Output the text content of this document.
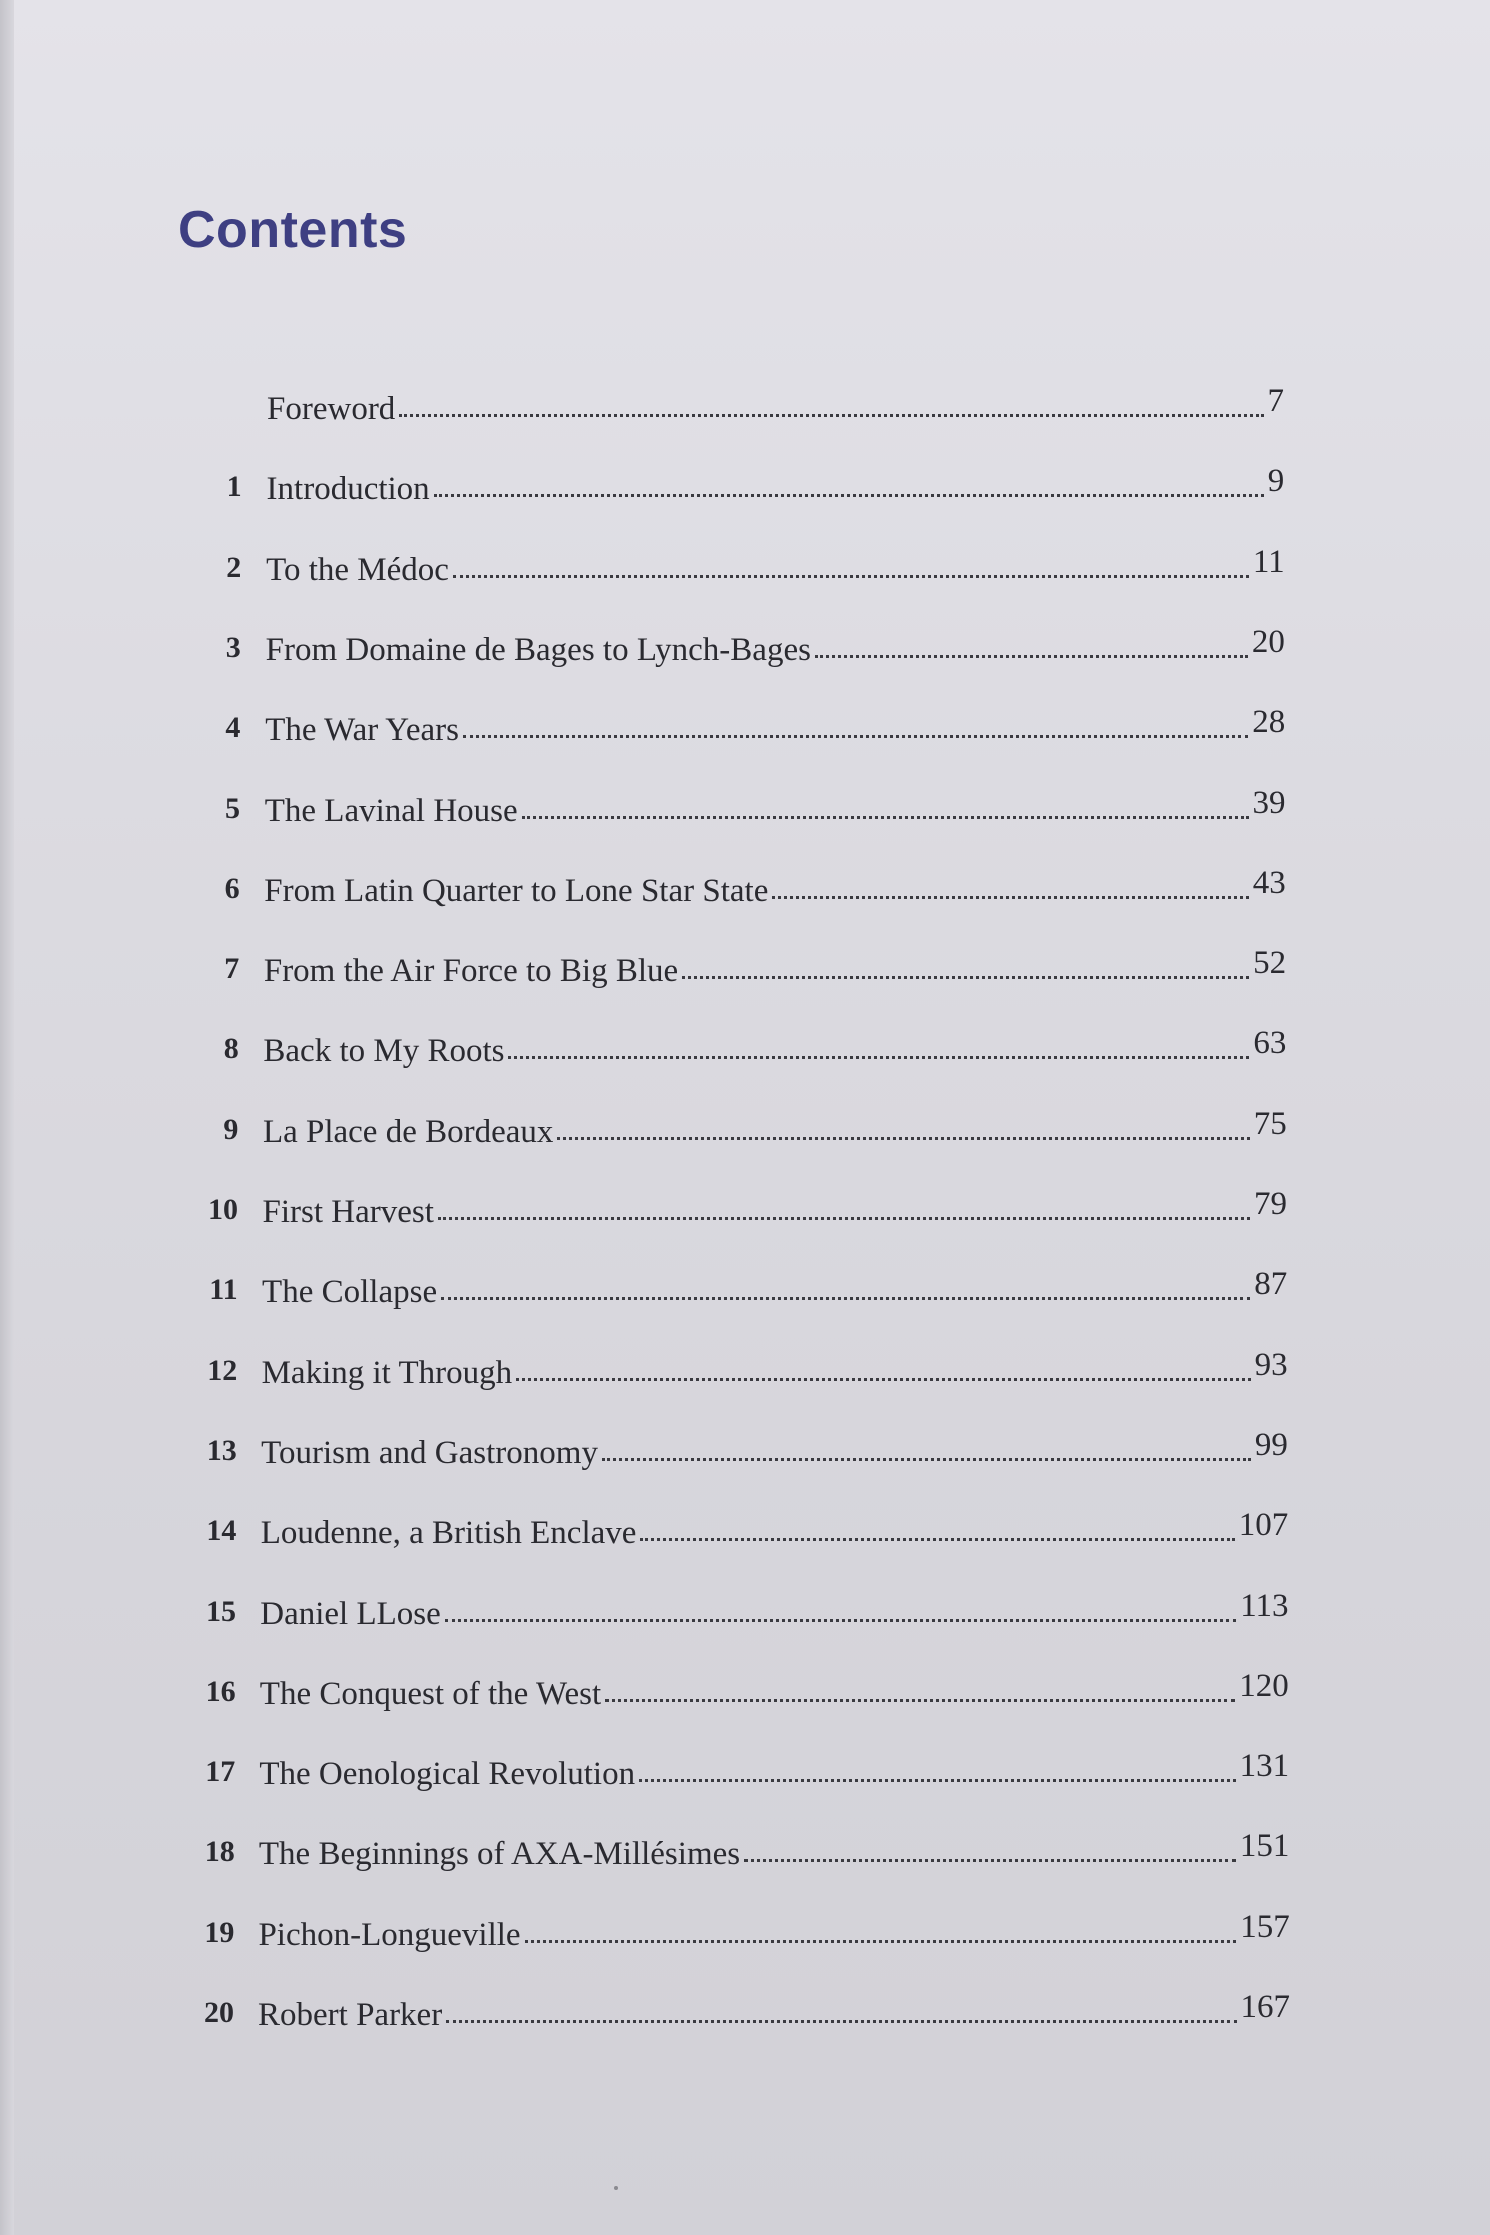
Contents
Foreword	7
1 Introduction	9
2 To the Médoc	11
3 From Domaine de Bages to Lynch-Bages	20
4 The War Years	28
5 The Lavinal House	39
6 From Latin Quarter to Lone Star State	43
7 From the Air Force to Big Blue	52
8 Back to My Roots	63
9 La Place de Bordeaux	75
10 First Harvest	79
11 The Collapse	87
12 Making it Through	93
13 Tourism and Gastronomy	99
14 Loudenne, a British Enclave	107
15 Daniel LLose	113
16 The Conquest of the West	120
17 The Oenological Revolution	131
18 The Beginnings of AXA-Millésimes	151
19 Pichon-Longueville	157
20 Robert Parker	167
